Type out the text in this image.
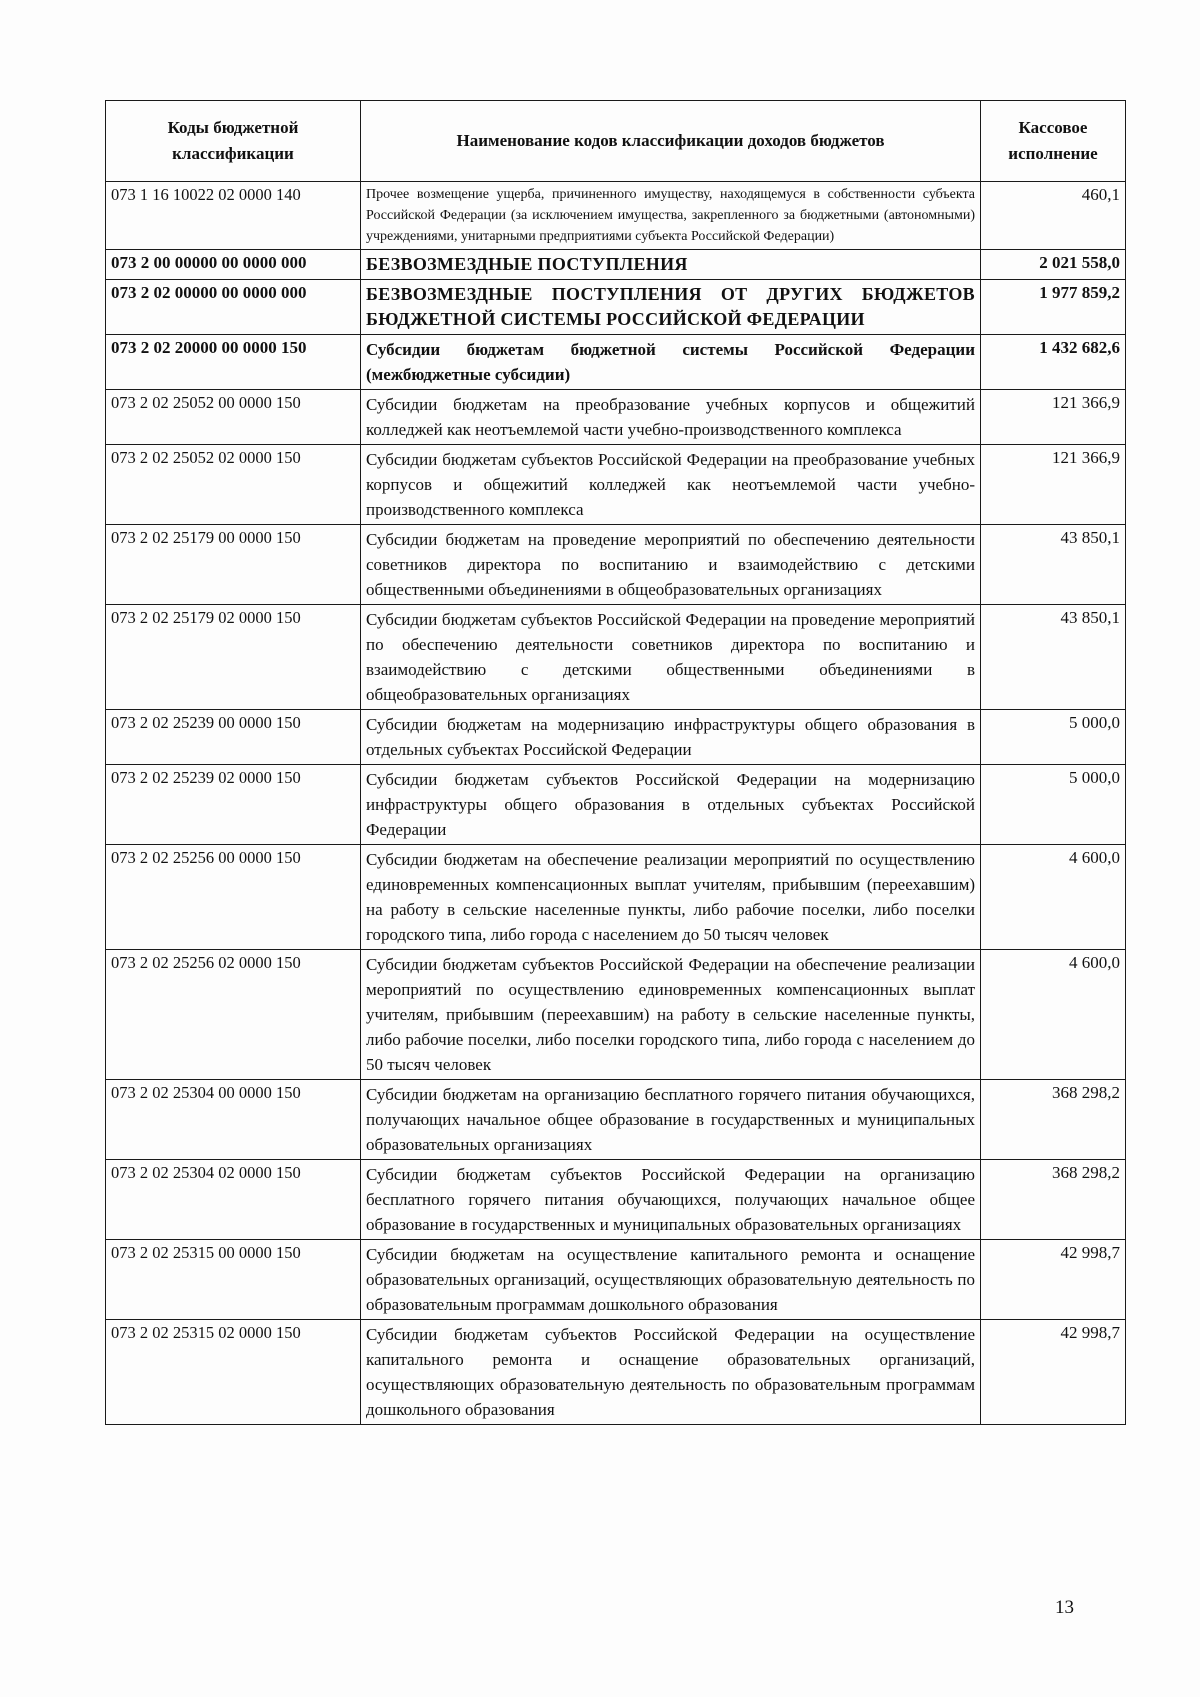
Коды бюджетной классификации	Наименование кодов классификации доходов бюджетов	Кассовое исполнение
073 1 16 10022 02 0000 140	Прочее возмещение ущерба, причиненного имуществу, находящемуся в собственности субъекта Российской Федерации (за исключением имущества, закрепленного за бюджетными (автономными) учреждениями, унитарными предприятиями субъекта Российской Федерации)	460,1
073 2 00 00000 00 0000 000	БЕЗВОЗМЕЗДНЫЕ ПОСТУПЛЕНИЯ	2 021 558,0
073 2 02 00000 00 0000 000	БЕЗВОЗМЕЗДНЫЕ ПОСТУПЛЕНИЯ ОТ ДРУГИХ БЮДЖЕТОВ БЮДЖЕТНОЙ СИСТЕМЫ РОССИЙСКОЙ ФЕДЕРАЦИИ	1 977 859,2
073 2 02 20000 00 0000 150	Субсидии бюджетам бюджетной системы Российской Федерации (межбюджетные субсидии)	1 432 682,6
073 2 02 25052 00 0000 150	Субсидии бюджетам на преобразование учебных корпусов и общежитий колледжей как неотъемлемой части учебно-производственного комплекса	121 366,9
073 2 02 25052 02 0000 150	Субсидии бюджетам субъектов Российской Федерации на преобразование учебных корпусов и общежитий колледжей как неотъемлемой части учебно-производственного комплекса	121 366,9
073 2 02 25179 00 0000 150	Субсидии бюджетам на проведение мероприятий по обеспечению деятельности советников директора по воспитанию и взаимодействию с детскими общественными объединениями в общеобразовательных организациях	43 850,1
073 2 02 25179 02 0000 150	Субсидии бюджетам субъектов Российской Федерации на проведение мероприятий по обеспечению деятельности советников директора по воспитанию и взаимодействию с детскими общественными объединениями в общеобразовательных организациях	43 850,1
073 2 02 25239 00 0000 150	Субсидии бюджетам на модернизацию инфраструктуры общего образования в отдельных субъектах Российской Федерации	5 000,0
073 2 02 25239 02 0000 150	Субсидии бюджетам субъектов Российской Федерации на модернизацию инфраструктуры общего образования в отдельных субъектах Российской Федерации	5 000,0
073 2 02 25256 00 0000 150	Субсидии бюджетам на обеспечение реализации мероприятий по осуществлению единовременных компенсационных выплат учителям, прибывшим (переехавшим) на работу в сельские населенные пункты, либо рабочие поселки, либо поселки городского типа, либо города с населением до 50 тысяч человек	4 600,0
073 2 02 25256 02 0000 150	Субсидии бюджетам субъектов Российской Федерации на обеспечение реализации мероприятий по осуществлению единовременных компенсационных выплат учителям, прибывшим (переехавшим) на работу в сельские населенные пункты, либо рабочие поселки, либо поселки городского типа, либо города с населением до 50 тысяч человек	4 600,0
073 2 02 25304 00 0000 150	Субсидии бюджетам на организацию бесплатного горячего питания обучающихся, получающих начальное общее образование в государственных и муниципальных образовательных организациях	368 298,2
073 2 02 25304 02 0000 150	Субсидии бюджетам субъектов Российской Федерации на организацию бесплатного горячего питания обучающихся, получающих начальное общее образование в государственных и муниципальных образовательных организациях	368 298,2
073 2 02 25315 00 0000 150	Субсидии бюджетам на осуществление капитального ремонта и оснащение образовательных организаций, осуществляющих образовательную деятельность по образовательным программам дошкольного образования	42 998,7
073 2 02 25315 02 0000 150	Субсидии бюджетам субъектов Российской Федерации на осуществление капитального ремонта и оснащение образовательных организаций, осуществляющих образовательную деятельность по образовательным программам дошкольного образования	42 998,7
13
